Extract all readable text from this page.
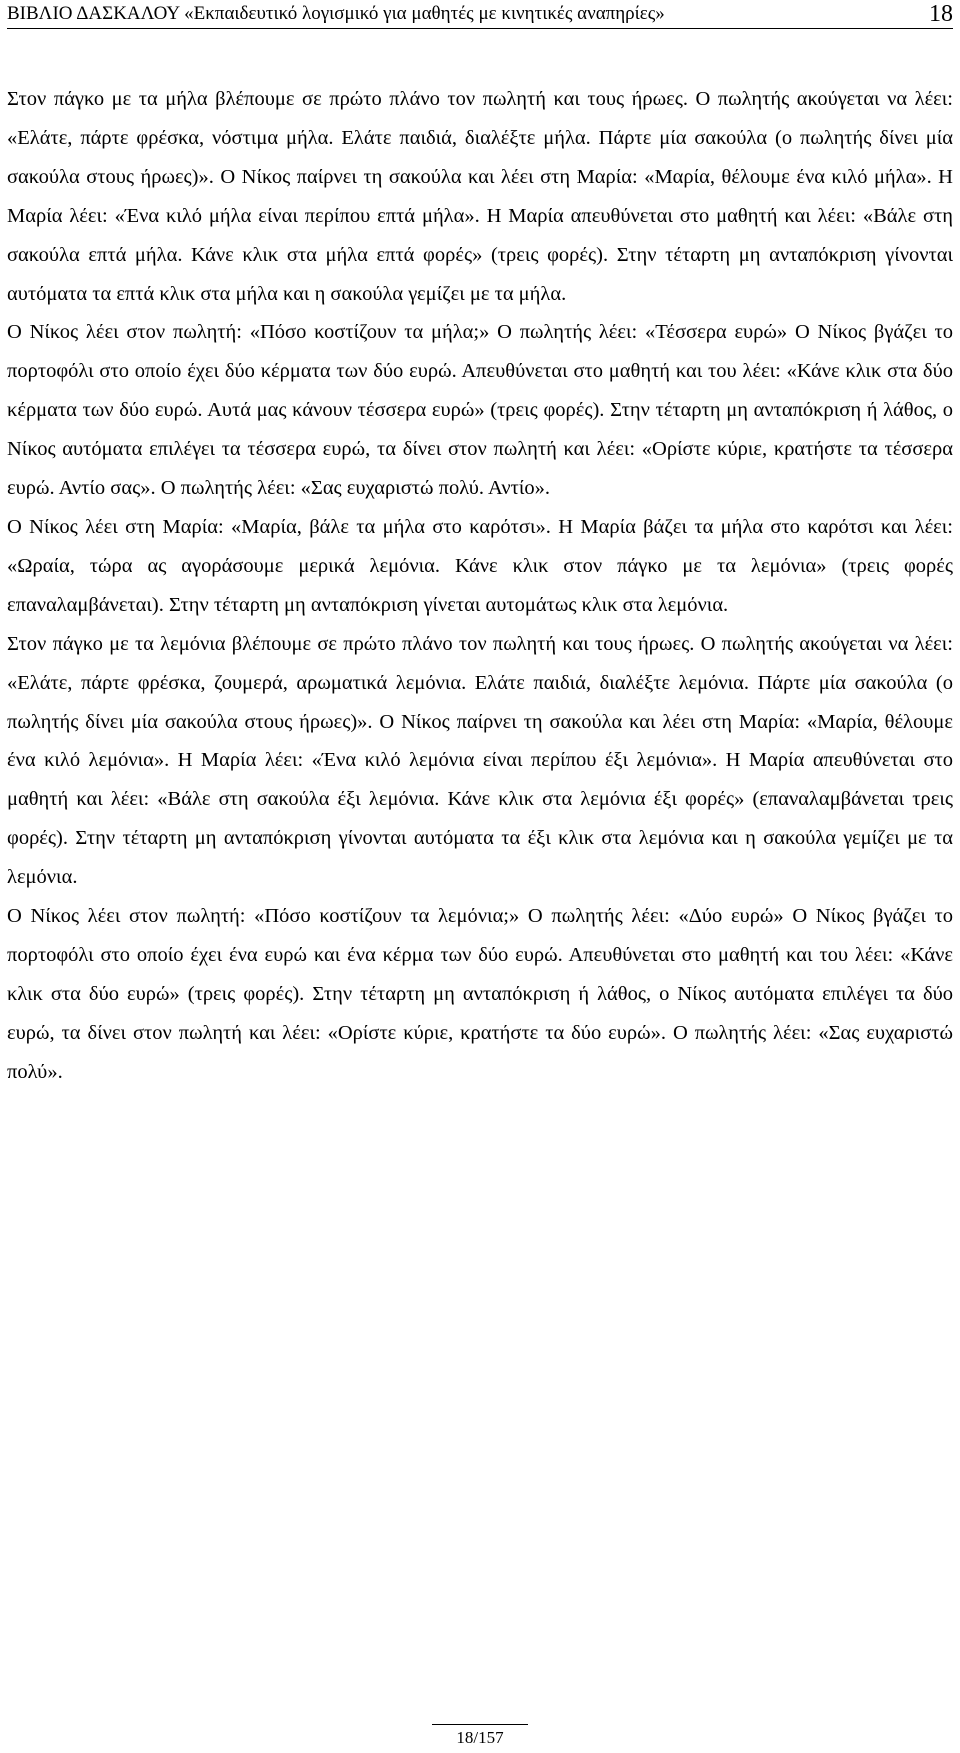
ΒΙΒΛΙΟ ΔΑΣΚΑΛΟΥ «Εκπαιδευτικό λογισμικό για μαθητές με κινητικές αναπηρίες»	18

Στον πάγκο με τα μήλα βλέπουμε σε πρώτο πλάνο τον πωλητή και τους ήρωες. Ο πωλητής ακούγεται να λέει: «Ελάτε, πάρτε φρέσκα, νόστιμα μήλα. Ελάτε παιδιά, διαλέξτε μήλα. Πάρτε μία σακούλα (ο πωλητής δίνει μία σακούλα στους ήρωες)». Ο Νίκος παίρνει τη σακούλα και λέει στη Μαρία: «Μαρία, θέλουμε ένα κιλό μήλα». Η Μαρία λέει: «Ένα κιλό μήλα είναι περίπου επτά μήλα». Η Μαρία απευθύνεται στο μαθητή και λέει: «Βάλε στη σακούλα επτά μήλα. Κάνε κλικ στα μήλα επτά φορές» (τρεις φορές). Στην τέταρτη μη ανταπόκριση γίνονται αυτόματα τα επτά κλικ στα μήλα και η σακούλα γεμίζει με τα μήλα.

Ο Νίκος λέει στον πωλητή: «Πόσο κοστίζουν τα μήλα;» Ο πωλητής λέει: «Τέσσερα ευρώ» Ο Νίκος βγάζει το πορτοφόλι στο οποίο έχει δύο κέρματα των δύο ευρώ. Απευθύνεται στο μαθητή και του λέει: «Κάνε κλικ στα δύο κέρματα των δύο ευρώ. Αυτά μας κάνουν τέσσερα ευρώ» (τρεις φορές). Στην τέταρτη μη ανταπόκριση ή λάθος, ο Νίκος αυτόματα επιλέγει τα τέσσερα ευρώ, τα δίνει στον πωλητή και λέει: «Ορίστε κύριε, κρατήστε τα τέσσερα ευρώ. Αντίο σας». Ο πωλητής λέει: «Σας ευχαριστώ πολύ. Αντίο».

Ο Νίκος λέει στη Μαρία: «Μαρία, βάλε τα μήλα στο καρότσι». Η Μαρία βάζει τα μήλα στο καρότσι και λέει: «Ωραία, τώρα ας αγοράσουμε μερικά λεμόνια. Κάνε κλικ στον πάγκο με τα λεμόνια» (τρεις φορές επαναλαμβάνεται). Στην τέταρτη μη ανταπόκριση γίνεται αυτομάτως κλικ στα λεμόνια.

Στον πάγκο με τα λεμόνια βλέπουμε σε πρώτο πλάνο τον πωλητή και τους ήρωες. Ο πωλητής ακούγεται να λέει: «Ελάτε, πάρτε φρέσκα, ζουμερά, αρωματικά λεμόνια. Ελάτε παιδιά, διαλέξτε λεμόνια. Πάρτε μία σακούλα (ο πωλητής δίνει μία σακούλα στους ήρωες)». Ο Νίκος παίρνει τη σακούλα και λέει στη Μαρία: «Μαρία, θέλουμε ένα κιλό λεμόνια». Η Μαρία λέει: «Ένα κιλό λεμόνια είναι περίπου έξι λεμόνια». Η Μαρία απευθύνεται στο μαθητή και λέει: «Βάλε στη σακούλα έξι λεμόνια. Κάνε κλικ στα λεμόνια έξι φορές» (επαναλαμβάνεται τρεις φορές). Στην τέταρτη μη ανταπόκριση γίνονται αυτόματα τα έξι κλικ στα λεμόνια και η σακούλα γεμίζει με τα λεμόνια.

Ο Νίκος λέει στον πωλητή: «Πόσο κοστίζουν τα λεμόνια;» Ο πωλητής λέει: «Δύο ευρώ» Ο Νίκος βγάζει το πορτοφόλι στο οποίο έχει ένα ευρώ και ένα κέρμα των δύο ευρώ. Απευθύνεται στο μαθητή και του λέει: «Κάνε κλικ στα δύο ευρώ» (τρεις φορές). Στην τέταρτη μη ανταπόκριση ή λάθος, ο Νίκος αυτόματα επιλέγει τα δύο ευρώ, τα δίνει στον πωλητή και λέει: «Ορίστε κύριε, κρατήστε τα δύο ευρώ». Ο πωλητής λέει: «Σας ευχαριστώ πολύ».

18/157
